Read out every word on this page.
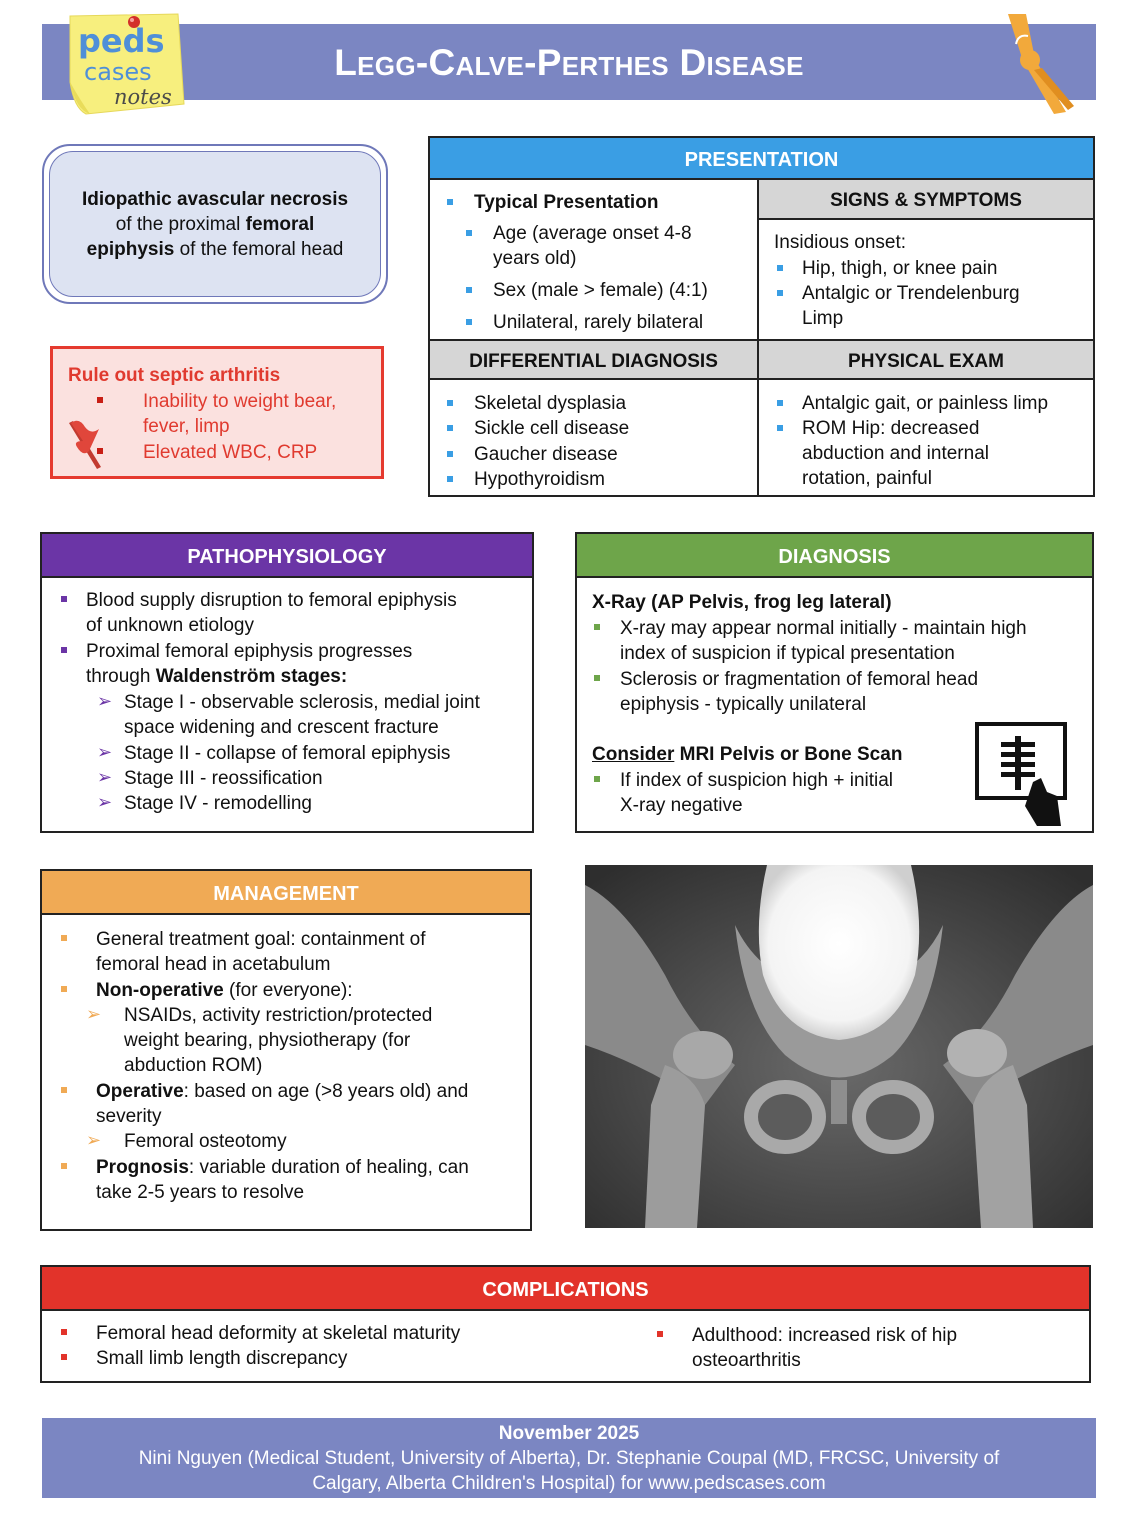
Legg-Calve-Perthes Disease
peds
cases
notes
Idiopathic avascular necrosis
of the proximal femoral
epiphysis of the femoral head
Rule out septic arthritis
Inability to weight bear,
fever, limp
Elevated WBC, CRP
PRESENTATION
SIGNS & SYMPTOMS
DIFFERENTIAL DIAGNOSIS	PHYSICAL EXAM
Typical Presentation
Age (average onset 4-8
years old)
Sex (male > female) (4:1)
Unilateral, rarely bilateral
Insidious onset:
Hip, thigh, or knee pain
Antalgic or Trendelenburg
Limp
Skeletal dysplasia
Sickle cell disease
Gaucher disease
Hypothyroidism
Antalgic gait, or painless limp
ROM Hip: decreased
abduction and internal
rotation, painful
PATHOPHYSIOLOGY
Blood supply disruption to femoral epiphysis
of unknown etiology
Proximal femoral epiphysis progresses
through Waldenström stages:
➢ Stage I - observable sclerosis, medial joint
space widening and crescent fracture
➢ Stage II - collapse of femoral epiphysis
➢ Stage III - reossification
➢ Stage IV - remodelling
DIAGNOSIS
X-Ray (AP Pelvis, frog leg lateral)
X-ray may appear normal initially - maintain high
index of suspicion if typical presentation
Sclerosis or fragmentation of femoral head
epiphysis - typically unilateral
Consider MRI Pelvis or Bone Scan
If index of suspicion high + initial
X-ray negative
MANAGEMENT
General treatment goal: containment of
femoral head in acetabulum
Non-operative (for everyone):
➢ NSAIDs, activity restriction/protected
weight bearing, physiotherapy (for
abduction ROM)
Operative: based on age (>8 years old) and
severity
➢ Femoral osteotomy
Prognosis: variable duration of healing, can
take 2-5 years to resolve
COMPLICATIONS
Femoral head deformity at skeletal maturity
Small limb length discrepancy
Adulthood: increased risk of hip
osteoarthritis
November 2025
Nini Nguyen (Medical Student, University of Alberta), Dr. Stephanie Coupal (MD, FRCSC, University of
Calgary, Alberta Children's Hospital) for www.pedscases.com
